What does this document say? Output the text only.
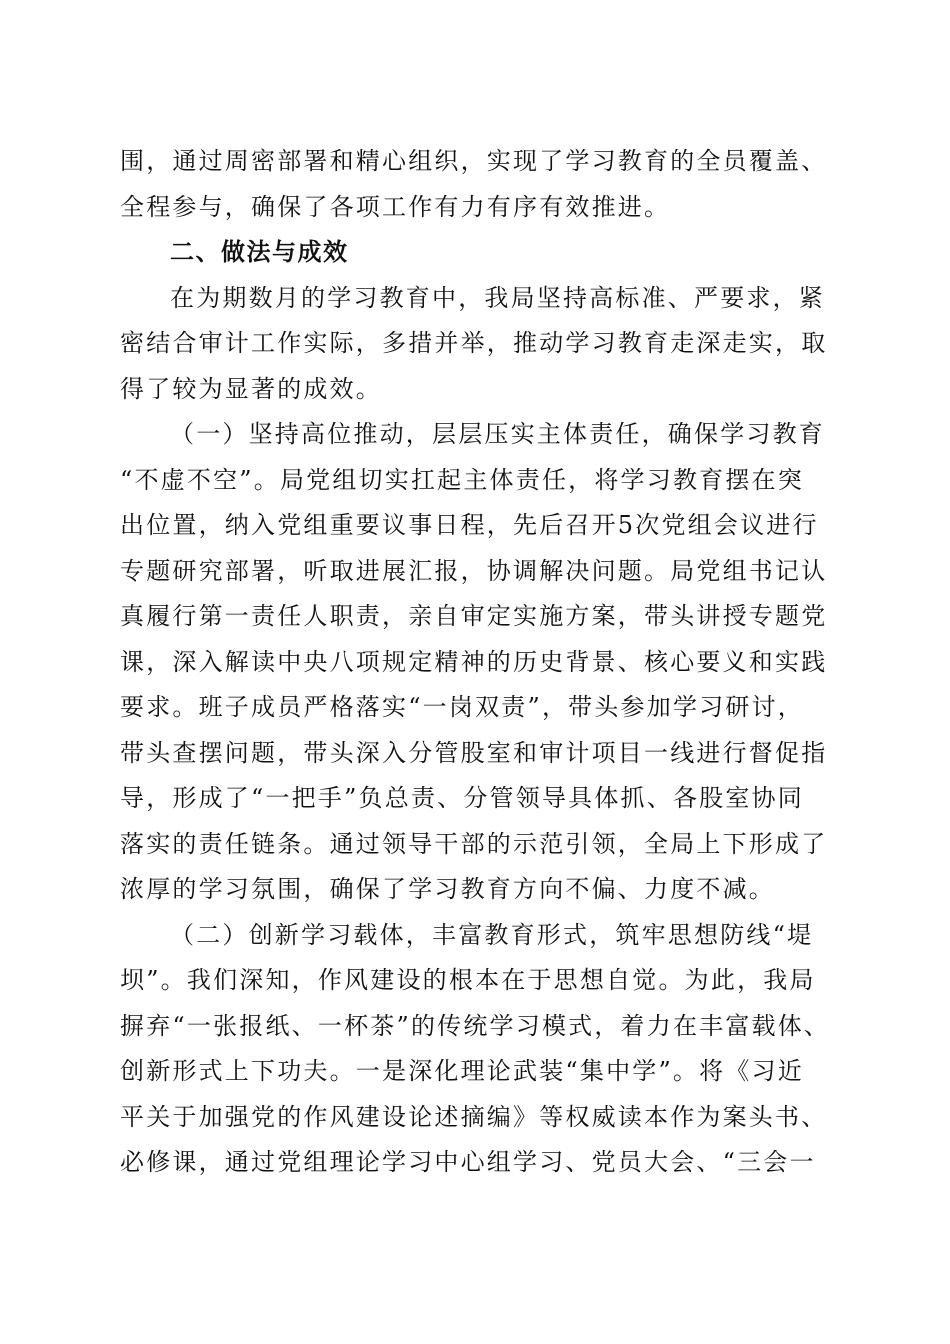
围，通过周密部署和精心组织，实现了学习教育的全员覆盖、
全程参与，确保了各项工作有力有序有效推进。
二、做法与成效
在为期数月的学习教育中，我局坚持高标准、严要求，紧
密结合审计工作实际，多措并举，推动学习教育走深走实，取
得了较为显著的成效。
（一）坚持高位推动，层层压实主体责任，确保学习教育
“不虚不空”。局党组切实扛起主体责任，将学习教育摆在突
出位置，纳入党组重要议事日程，先后召开5次党组会议进行
专题研究部署，听取进展汇报，协调解决问题。局党组书记认
真履行第一责任人职责，亲自审定实施方案，带头讲授专题党
课，深入解读中央八项规定精神的历史背景、核心要义和实践
要求。班子成员严格落实“一岗双责”，带头参加学习研讨，
带头查摆问题，带头深入分管股室和审计项目一线进行督促指
导，形成了“一把手”负总责、分管领导具体抓、各股室协同
落实的责任链条。通过领导干部的示范引领，全局上下形成了
浓厚的学习氛围，确保了学习教育方向不偏、力度不减。
（二）创新学习载体，丰富教育形式，筑牢思想防线“堤
坝”。我们深知，作风建设的根本在于思想自觉。为此，我局
摒弃“一张报纸、一杯茶”的传统学习模式，着力在丰富载体、
创新形式上下功夫。一是深化理论武装“集中学”。将《习近
平关于加强党的作风建设论述摘编》等权威读本作为案头书、
必修课，通过党组理论学习中心组学习、党员大会、“三会一
